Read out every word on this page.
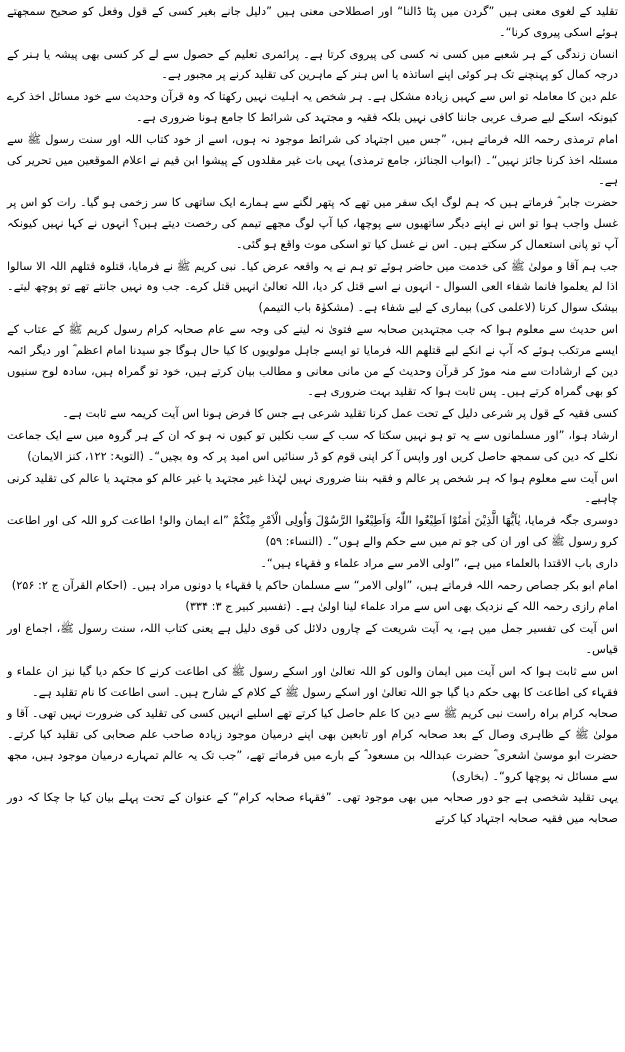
تقلید کے لغوی معنی ہیں ”گردن میں پٹا ڈالنا“ اور اصطلاحی معنی ہیں ”دلیل جانے بغیر کسی کے قول وفعل کو صحیح سمجھتے ہوئے اسکی پیروی کرنا“۔

انسان زندگی کے ہر شعبے میں کسی نہ کسی کی پیروی کرتا ہے۔ پرائمری تعلیم کے حصول سے لے کر کسی بھی پیشہ یا ہنر کے درجہ کمال کو پہنچنے تک ہر کوئی اپنے اساتذہ یا اس ہنر کے ماہرین کی تقلید کرنے پر مجبور ہے۔

علم دین کا معاملہ تو اس سے کہیں زیادہ مشکل ہے۔ ہر شخص یہ اہلیت نہیں رکھتا کہ وہ قرآن وحدیث سے خود مسائل اخذ کرے کیونکہ اسکے لیے صرف عربی جاننا کافی نہیں بلکہ فقیہ و مجتہد کی شرائط کا جامع ہونا ضروری ہے۔

امام ترمذی رحمہ اللہ فرماتے ہیں، ”جس میں اجتہاد کی شرائط موجود نہ ہوں، اسے از خود کتاب اللہ اور سنت رسول ﷺ سے مسئلہ اخذ کرنا جائز نہیں“۔ (ابواب الجنائز، جامع ترمذی) یہی بات غیر مقلدوں کے پیشوا ابن قیم نے اعلام الموقعین میں تحریر کی ہے۔

حضرت جابر ؓ فرماتے ہیں کہ ہم لوگ ایک سفر میں تھے کہ پتھر لگنے سے ہمارے ایک ساتھی کا سر زخمی ہو گیا۔ رات کو اس پر غسل واجب ہوا تو اس نے اپنے دیگر ساتھیوں سے پوچھا، کیا آپ لوگ مجھے تیمم کی رخصت دیتے ہیں؟ انہوں نے کہا نہیں کیونکہ آپ تو پانی استعمال کر سکتے ہیں۔ اس نے غسل کیا تو اسکی موت واقع ہو گئی۔

جب ہم آقا و مولیٰ ﷺ کی خدمت میں حاضر ہوئے تو ہم نے یہ واقعہ عرض کیا۔ نبی کریم ﷺ نے فرمایا، قتلوہ قتلھم اللہ الا سالوا اذا لم یعلموا فانما شفاء العی السوال - انہوں نے اسے قتل کر دیا، اللہ تعالیٰ انہیں قتل کرے۔ جب وہ نہیں جانتے تھے تو پوچھ لیتے۔ بیشک سوال کرنا (لاعلمی کی) بیماری کے لیے شفاء ہے۔ (مشکوٰۃ باب التیمم)

اس حدیث سے معلوم ہوا کہ جب مجتہدین صحابہ سے فتویٰ نہ لینے کی وجہ سے عام صحابہ کرام رسول کریم ﷺ کے عتاب کے ایسے مرتکب ہوئے کہ آپ نے انکے لیے قتلھم اللہ فرمایا تو ایسے جاہل مولویوں کا کیا حال ہوگا جو سیدنا امام اعظم ؓ اور دیگر ائمہ دین کے ارشادات سے منہ موڑ کر قرآن وحدیث کے من مانی معانی و مطالب بیان کرتے ہیں، خود تو گمراہ ہیں، سادہ لوح سنیوں کو بھی گمراہ کرتے ہیں۔ پس ثابت ہوا کہ تقلید بہت ضروری ہے۔

کسی فقیہ کے قول پر شرعی دلیل کے تحت عمل کرنا تقلید شرعی ہے جس کا فرض ہونا اس آیت کریمہ سے ثابت ہے۔

ارشاد ہوا، ”اور مسلمانوں سے یہ تو ہو نہیں سکتا کہ سب کے سب نکلیں تو کیوں نہ ہو کہ ان کے ہر گروہ میں سے ایک جماعت نکلے کہ دین کی سمجھ حاصل کریں اور واپس آ کر اپنی قوم کو ڈر سنائیں اس امید پر کہ وہ بچیں“۔ (التوبۃ: ۱۲۲، کنز الایمان)

اس آیت سے معلوم ہوا کہ ہر شخص پر عالم و فقیہ بننا ضروری نہیں لہٰذا غیر مجتہد یا غیر عالم کو مجتہد یا عالم کی تقلید کرنی چاہیے۔

دوسری جگہ فرمایا، یٰاَیُّھَا الَّذِیْنَ اٰمَنُوْا اَطِیْعُوا اللّٰہَ وَاَطِیْعُوا الرَّسُوْلَ وَاُولِی الْاَمْرِ مِنْکُمْ ”اے ایمان والو! اطاعت کرو اللہ کی اور اطاعت کرو رسول ﷺ کی اور ان کی جو تم میں سے حکم والے ہوں“۔ (النساء: ۵۹)

داری باب الاقتدا بالعلماء میں ہے، ”اولی الامر سے مراد علماء و فقہاء ہیں“۔

امام ابو بکر جصاص رحمہ اللہ فرماتے ہیں، ”اولی الامر“ سے مسلمان حاکم یا فقہاء یا دونوں مراد ہیں۔ (احکام القرآن ج ۲: ۲۵۶)

امام رازی رحمہ اللہ کے نزدیک بھی اس سے مراد علماء لینا اولیٰ ہے۔ (تفسیر کبیر ج ۳: ۳۳۴)

اس آیت کی تفسیر جمل میں ہے، یہ آیت شریعت کے چاروں دلائل کی قوی دلیل ہے یعنی کتاب اللہ، سنت رسول ﷺ، اجماع اور قیاس۔

اس سے ثابت ہوا کہ اس آیت میں ایمان والوں کو اللہ تعالیٰ اور اسکے رسول ﷺ کی اطاعت کرنے کا حکم دیا گیا نیز ان علماء و فقہاء کی اطاعت کا بھی حکم دیا گیا جو اللہ تعالیٰ اور اسکے رسول ﷺ کے کلام کے شارح ہیں۔ اسی اطاعت کا نام تقلید ہے۔

صحابہ کرام براہ راست نبی کریم ﷺ سے دین کا علم حاصل کیا کرتے تھے اسلیے انہیں کسی کی تقلید کی ضرورت نہیں تھی۔ آقا و مولیٰ ﷺ کے ظاہری وصال کے بعد صحابہ کرام اور تابعین بھی اپنے درمیان موجود زیادہ صاحب علم صحابی کی تقلید کیا کرتے۔ حضرت ابو موسیٰ اشعری ؓ حضرت عبداللہ بن مسعود ؓ کے بارے میں فرماتے تھے، ”جب تک یہ عالم تمہارے درمیان موجود ہیں، مجھ سے مسائل نہ پوچھا کرو“۔ (بخاری)

یہی تقلید شخصی ہے جو دور صحابہ میں بھی موجود تھی۔ ”فقہاء صحابہ کرام“ کے عنوان کے تحت پہلے بیان کیا جا چکا کہ دور صحابہ میں فقیہ صحابہ اجتہاد کیا کرتے
